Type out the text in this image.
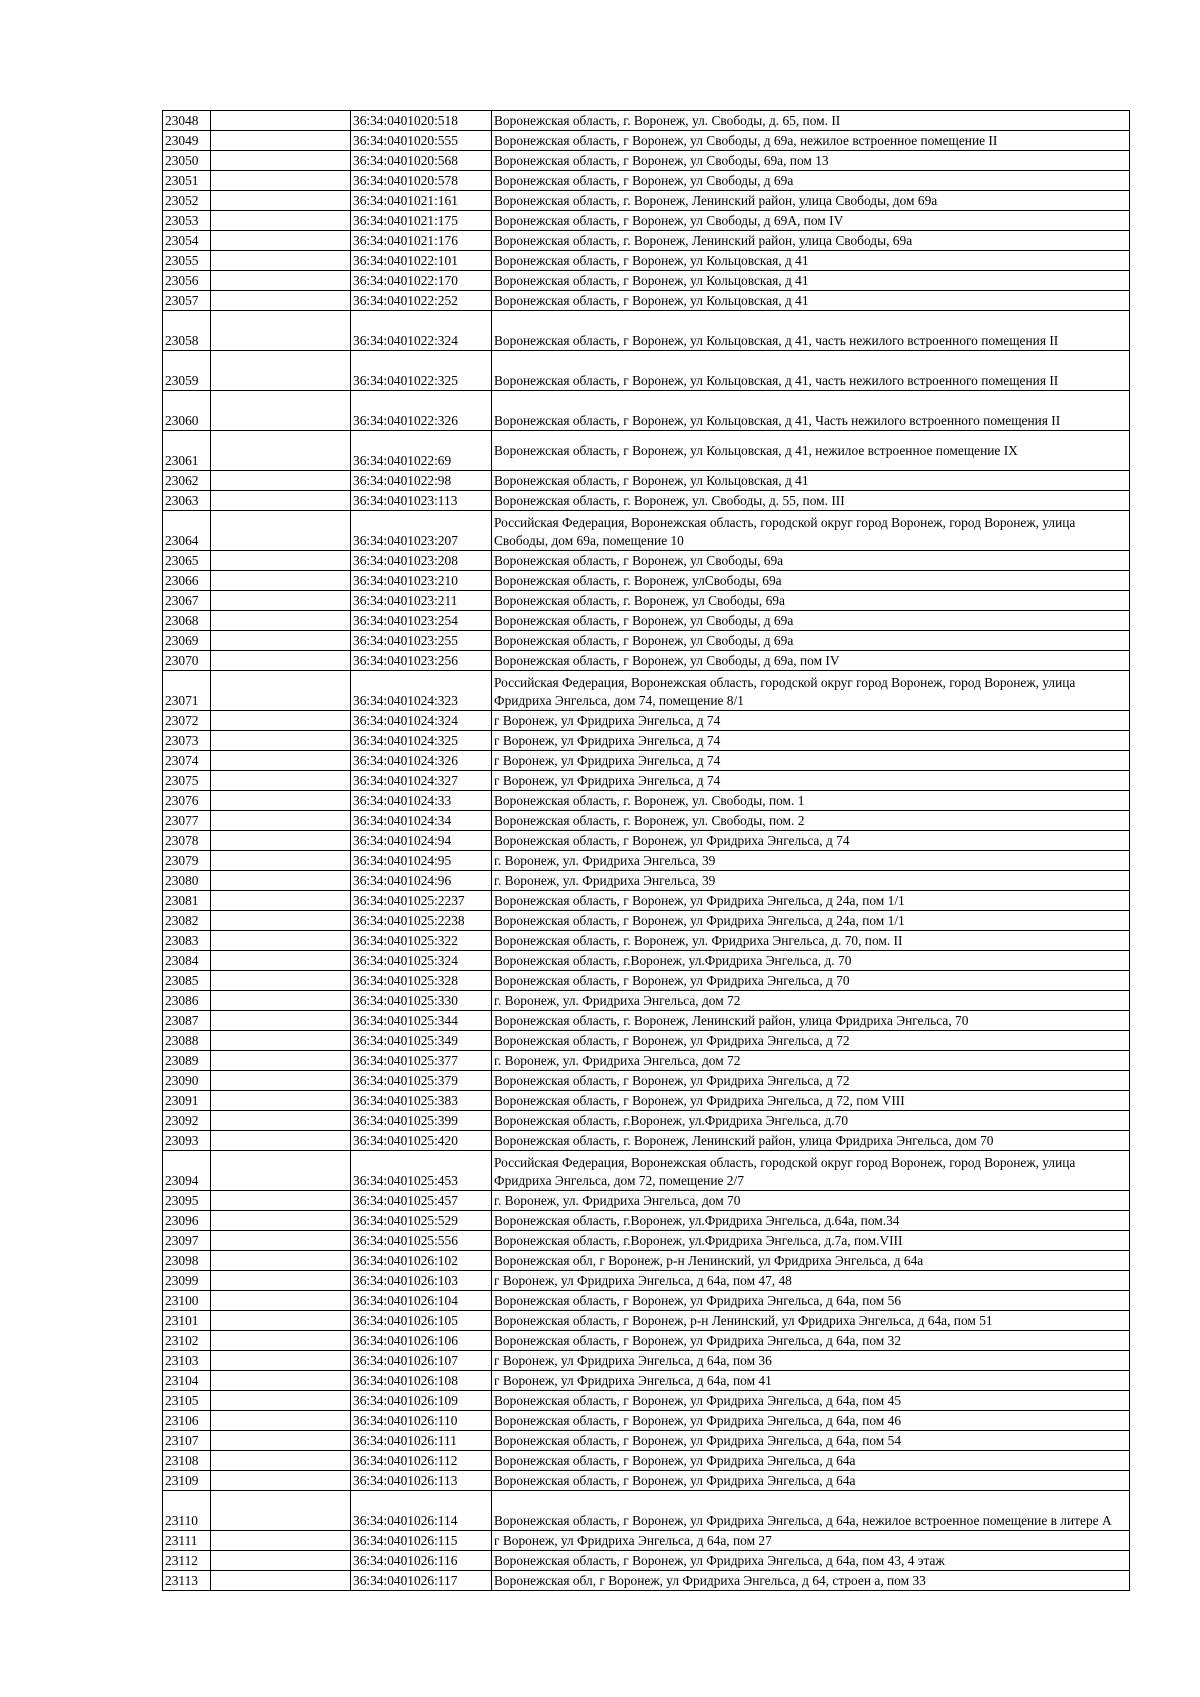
23048		36:34:0401020:518	Воронежская область, г. Воронеж, ул. Свободы, д. 65, пом. II
23049		36:34:0401020:555	Воронежская область, г Воронеж, ул Свободы, д 69а, нежилое встроенное помещение II
23050		36:34:0401020:568	Воронежская область, г Воронеж, ул Свободы, 69а, пом 13
23051		36:34:0401020:578	Воронежская область, г Воронеж, ул Свободы, д 69а
23052		36:34:0401021:161	Воронежская область, г. Воронеж, Ленинский район, улица Свободы, дом 69а
23053		36:34:0401021:175	Воронежская область, г Воронеж, ул Свободы, д 69А, пом IV
23054		36:34:0401021:176	Воронежская область, г. Воронеж, Ленинский район, улица Свободы, 69а
23055		36:34:0401022:101	Воронежская область, г Воронеж, ул Кольцовская, д 41
23056		36:34:0401022:170	Воронежская область, г Воронеж, ул Кольцовская, д 41
23057		36:34:0401022:252	Воронежская область, г Воронеж, ул Кольцовская, д 41
23058		36:34:0401022:324	Воронежская область, г Воронеж, ул Кольцовская, д 41, часть нежилого встроенного помещения II
23059		36:34:0401022:325	Воронежская область, г Воронеж, ул Кольцовская, д 41, часть нежилого встроенного помещения II
23060		36:34:0401022:326	Воронежская область, г Воронеж, ул Кольцовская, д 41, Часть нежилого встроенного помещения II
23061		36:34:0401022:69	Воронежская область, г Воронеж, ул Кольцовская, д 41, нежилое встроенное помещение IX
23062		36:34:0401022:98	Воронежская область, г Воронеж, ул Кольцовская, д 41
23063		36:34:0401023:113	Воронежская область, г. Воронеж, ул. Свободы, д. 55, пом. III
23064		36:34:0401023:207	Российская Федерация, Воронежская область, городской округ город Воронеж, город Воронеж, улица Свободы, дом 69а, помещение 10
23065		36:34:0401023:208	Воронежская область, г Воронеж, ул Свободы, 69а
23066		36:34:0401023:210	Воронежская область, г. Воронеж, улСвободы, 69а
23067		36:34:0401023:211	Воронежская область, г. Воронеж, ул Свободы, 69а
23068		36:34:0401023:254	Воронежская область, г Воронеж, ул Свободы, д 69а
23069		36:34:0401023:255	Воронежская область, г Воронеж, ул Свободы, д 69а
23070		36:34:0401023:256	Воронежская область, г Воронеж, ул Свободы, д 69а, пом IV
23071		36:34:0401024:323	Российская Федерация, Воронежская область, городской округ город Воронеж, город Воронеж, улица Фридриха Энгельса, дом 74, помещение 8/1
23072		36:34:0401024:324	г Воронеж, ул Фридриха Энгельса, д 74
23073		36:34:0401024:325	г Воронеж, ул Фридриха Энгельса, д 74
23074		36:34:0401024:326	г Воронеж, ул Фридриха Энгельса, д 74
23075		36:34:0401024:327	г Воронеж, ул Фридриха Энгельса, д 74
23076		36:34:0401024:33	Воронежская область, г. Воронеж, ул. Свободы, пом. 1
23077		36:34:0401024:34	Воронежская область, г. Воронеж, ул. Свободы, пом. 2
23078		36:34:0401024:94	Воронежская область, г Воронеж, ул Фридриха Энгельса, д 74
23079		36:34:0401024:95	г. Воронеж, ул. Фридриха Энгельса, 39
23080		36:34:0401024:96	г. Воронеж, ул. Фридриха Энгельса, 39
23081		36:34:0401025:2237	Воронежская область, г Воронеж, ул Фридриха Энгельса, д 24а, пом 1/1
23082		36:34:0401025:2238	Воронежская область, г Воронеж, ул Фридриха Энгельса, д 24а, пом 1/1
23083		36:34:0401025:322	Воронежская область, г. Воронеж, ул. Фридриха Энгельса, д. 70, пом. II
23084		36:34:0401025:324	Воронежская область, г.Воронеж, ул.Фридриха Энгельса, д. 70
23085		36:34:0401025:328	Воронежская область, г Воронеж, ул Фридриха Энгельса, д 70
23086		36:34:0401025:330	г. Воронеж, ул. Фридриха Энгельса, дом 72
23087		36:34:0401025:344	Воронежская область, г. Воронеж, Ленинский район, улица Фридриха Энгельса, 70
23088		36:34:0401025:349	Воронежская область, г Воронеж, ул Фридриха Энгельса, д 72
23089		36:34:0401025:377	г. Воронеж, ул. Фридриха Энгельса, дом 72
23090		36:34:0401025:379	Воронежская область, г Воронеж, ул Фридриха Энгельса, д 72
23091		36:34:0401025:383	Воронежская область, г Воронеж, ул Фридриха Энгельса, д 72, пом VIII
23092		36:34:0401025:399	Воронежская область, г.Воронеж, ул.Фридриха Энгельса, д.70
23093		36:34:0401025:420	Воронежская область, г. Воронеж, Ленинский район, улица Фридриха Энгельса, дом 70
23094		36:34:0401025:453	Российская Федерация, Воронежская область, городской округ город Воронеж, город Воронеж, улица Фридриха Энгельса, дом 72, помещение 2/7
23095		36:34:0401025:457	г. Воронеж, ул. Фридриха Энгельса, дом 70
23096		36:34:0401025:529	Воронежская область, г.Воронеж, ул.Фридриха Энгельса, д.64а, пом.34
23097		36:34:0401025:556	Воронежская область, г.Воронеж, ул.Фридриха Энгельса, д.7а, пом.VIII
23098		36:34:0401026:102	Воронежская обл, г Воронеж, р-н Ленинский, ул Фридриха Энгельса, д 64а
23099		36:34:0401026:103	г Воронеж, ул Фридриха Энгельса, д 64а, пом 47, 48
23100		36:34:0401026:104	Воронежская область, г Воронеж, ул Фридриха Энгельса, д 64а, пом 56
23101		36:34:0401026:105	Воронежская область, г Воронеж, р-н Ленинский, ул Фридриха Энгельса, д 64а, пом 51
23102		36:34:0401026:106	Воронежская область, г Воронеж, ул Фридриха Энгельса, д 64а, пом 32
23103		36:34:0401026:107	г Воронеж, ул Фридриха Энгельса, д 64а, пом 36
23104		36:34:0401026:108	г Воронеж, ул Фридриха Энгельса, д 64а, пом 41
23105		36:34:0401026:109	Воронежская область, г Воронеж, ул Фридриха Энгельса, д 64а, пом 45
23106		36:34:0401026:110	Воронежская область, г Воронеж, ул Фридриха Энгельса, д 64а, пом 46
23107		36:34:0401026:111	Воронежская область, г Воронеж, ул Фридриха Энгельса, д 64а, пом 54
23108		36:34:0401026:112	Воронежская область, г Воронеж, ул Фридриха Энгельса, д 64а
23109		36:34:0401026:113	Воронежская область, г Воронеж, ул Фридриха Энгельса, д 64а
23110		36:34:0401026:114	Воронежская область, г Воронеж, ул Фридриха Энгельса, д 64а, нежилое встроенное помещение в литере А
23111		36:34:0401026:115	г Воронеж, ул Фридриха Энгельса, д 64а, пом 27
23112		36:34:0401026:116	Воронежская область, г Воронеж, ул Фридриха Энгельса, д 64а, пом 43, 4 этаж
23113		36:34:0401026:117	Воронежская обл, г Воронеж, ул Фридриха Энгельса, д 64, строен а, пом 33
